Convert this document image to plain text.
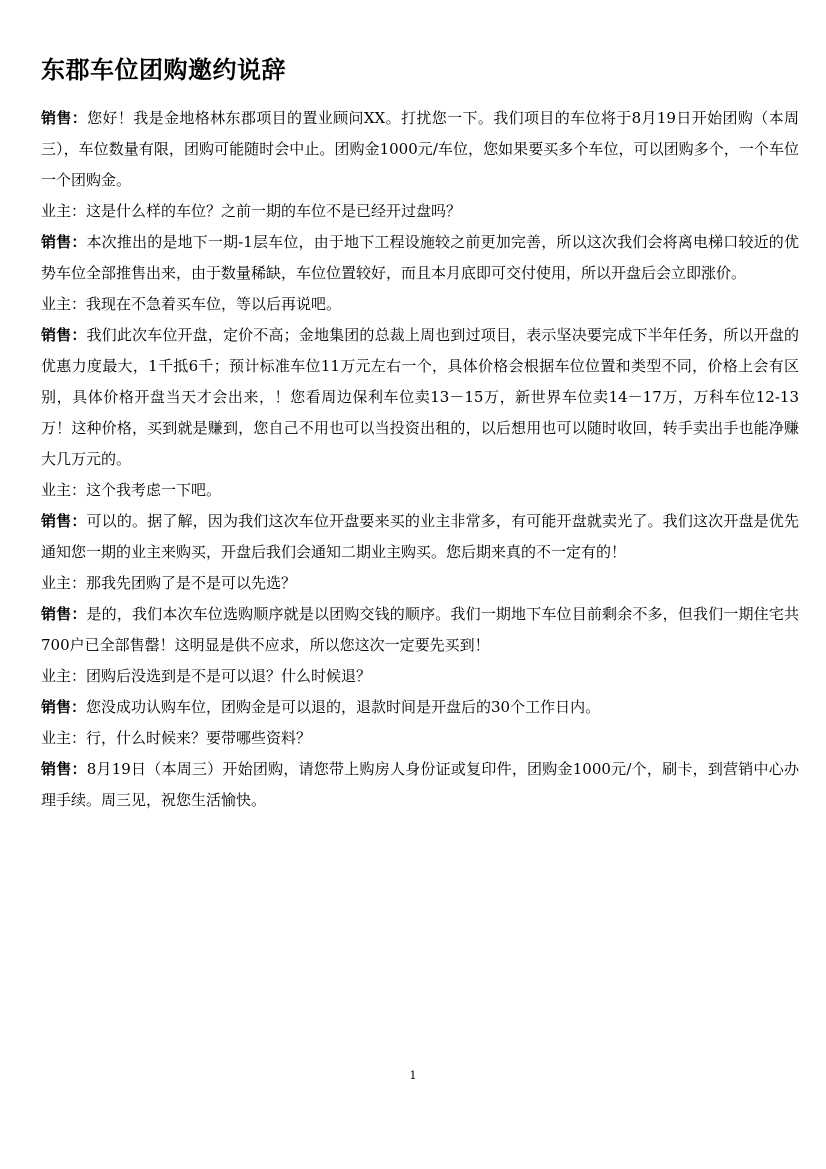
东郡车位团购邀约说辞

销售：您好！我是金地格林东郡项目的置业顾问XX。打扰您一下。我们项目的车位将于8月19日开始团购（本周三），车位数量有限，团购可能随时会中止。团购金1000元/车位，您如果要买多个车位，可以团购多个，一个车位一个团购金。

业主：这是什么样的车位？之前一期的车位不是已经开过盘吗？

销售：本次推出的是地下一期-1层车位，由于地下工程设施较之前更加完善，所以这次我们会将离电梯口较近的优势车位全部推售出来，由于数量稀缺，车位位置较好，而且本月底即可交付使用，所以开盘后会立即涨价。

业主：我现在不急着买车位，等以后再说吧。

销售：我们此次车位开盘，定价不高；金地集团的总裁上周也到过项目，表示坚决要完成下半年任务，所以开盘的优惠力度最大，1千抵6千；预计标准车位11万元左右一个，具体价格会根据车位位置和类型不同，价格上会有区别，具体价格开盘当天才会出来，！您看周边保利车位卖13－15万，新世界车位卖14－17万，万科车位12-13万！这种价格，买到就是赚到，您自己不用也可以当投资出租的，以后想用也可以随时收回，转手卖出手也能净赚大几万元的。

业主：这个我考虑一下吧。

销售：可以的。据了解，因为我们这次车位开盘要来买的业主非常多，有可能开盘就卖光了。我们这次开盘是优先通知您一期的业主来购买，开盘后我们会通知二期业主购买。您后期来真的不一定有的！

业主：那我先团购了是不是可以先选？

销售：是的，我们本次车位选购顺序就是以团购交钱的顺序。我们一期地下车位目前剩余不多，但我们一期住宅共700户已全部售罄！这明显是供不应求，所以您这次一定要先买到！

业主：团购后没选到是不是可以退？什么时候退？

销售：您没成功认购车位，团购金是可以退的，退款时间是开盘后的30个工作日内。

业主：行，什么时候来？要带哪些资料？

销售：8月19日（本周三）开始团购，请您带上购房人身份证或复印件，团购金1000元/个，刷卡，到营销中心办理手续。周三见，祝您生活愉快。

1
